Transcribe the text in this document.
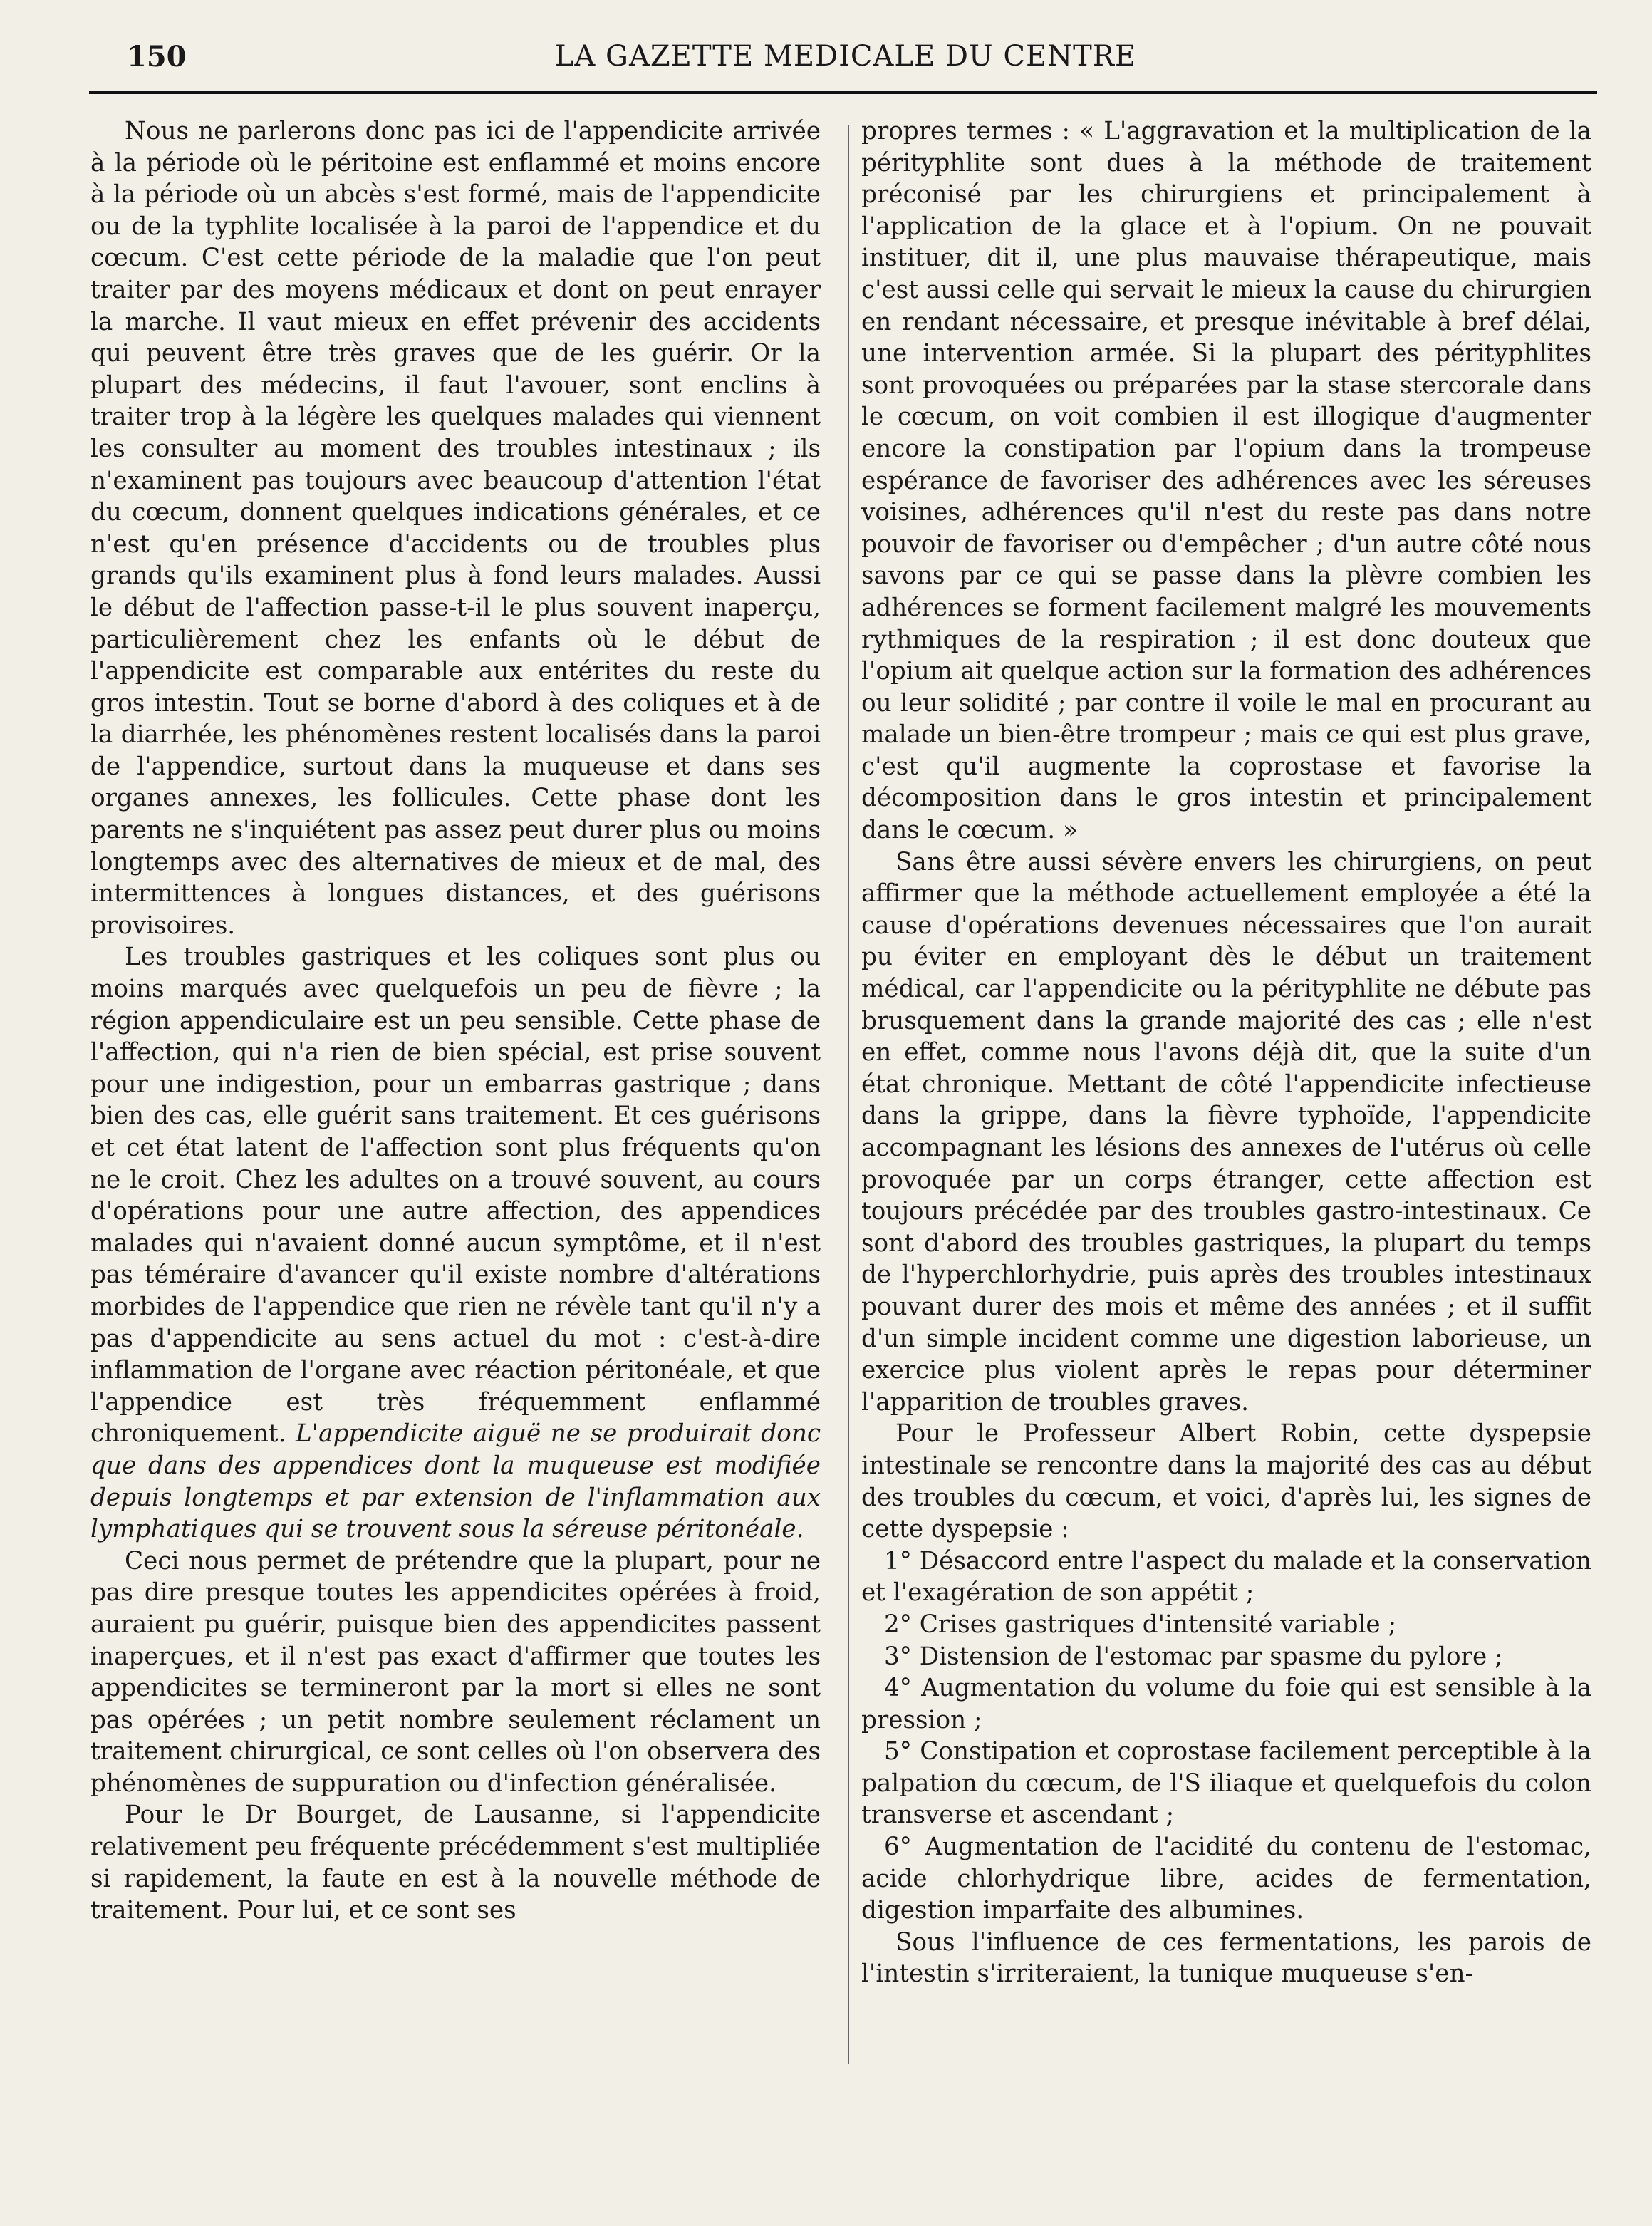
150	LA GAZETTE MEDICALE DU CENTRE

Nous ne parlerons donc pas ici de l'appendicite arrivée à la période où le péritoine est enflammé et moins encore à la période où un abcès s'est formé, mais de l'appendicite ou de la typhlite localisée à la paroi de l'appendice et du cœcum. C'est cette période de la maladie que l'on peut traiter par des moyens médicaux et dont on peut enrayer la marche. Il vaut mieux en effet prévenir des accidents qui peuvent être très graves que de les guérir. Or la plupart des médecins, il faut l'avouer, sont enclins à traiter trop à la légère les quelques malades qui viennent les consulter au moment des troubles intestinaux ; ils n'examinent pas toujours avec beaucoup d'attention l'état du cœcum, donnent quelques indications générales, et ce n'est qu'en présence d'accidents ou de troubles plus grands qu'ils examinent plus à fond leurs malades. Aussi le début de l'affection passe-t-il le plus souvent inaperçu, particulièrement chez les enfants où le début de l'appendicite est comparable aux entérites du reste du gros intestin. Tout se borne d'abord à des coliques et à de la diarrhée, les phénomènes restent localisés dans la paroi de l'appendice, surtout dans la muqueuse et dans ses organes annexes, les follicules. Cette phase dont les parents ne s'inquiétent pas assez peut durer plus ou moins longtemps avec des alternatives de mieux et de mal, des intermittences à longues distances, et des guérisons provisoires.

Les troubles gastriques et les coliques sont plus ou moins marqués avec quelquefois un peu de fièvre ; la région appendiculaire est un peu sensible. Cette phase de l'affection, qui n'a rien de bien spécial, est prise souvent pour une indigestion, pour un embarras gastrique ; dans bien des cas, elle guérit sans traitement. Et ces guérisons et cet état latent de l'affection sont plus fréquents qu'on ne le croit. Chez les adultes on a trouvé souvent, au cours d'opérations pour une autre affection, des appendices malades qui n'avaient donné aucun symptôme, et il n'est pas téméraire d'avancer qu'il existe nombre d'altérations morbides de l'appendice que rien ne révèle tant qu'il n'y a pas d'appendicite au sens actuel du mot : c'est-à-dire inflammation de l'organe avec réaction péritonéale, et que l'appendice est très fréquemment enflammé chroniquement. L'appendicite aiguë ne se produirait donc que dans des appendices dont la muqueuse est modifiée depuis longtemps et par extension de l'inflammation aux lymphatiques qui se trouvent sous la séreuse péritonéale.

Ceci nous permet de prétendre que la plupart, pour ne pas dire presque toutes les appendicites opérées à froid, auraient pu guérir, puisque bien des appendicites passent inaperçues, et il n'est pas exact d'affirmer que toutes les appendicites se termineront par la mort si elles ne sont pas opérées ; un petit nombre seulement réclament un traitement chirurgical, ce sont celles où l'on observera des phénomènes de suppuration ou d'infection généralisée.

Pour le Dr Bourget, de Lausanne, si l'appendicite relativement peu fréquente précédemment s'est multipliée si rapidement, la faute en est à la nouvelle méthode de traitement. Pour lui, et ce sont ses

propres termes : « L'aggravation et la multiplication de la pérityphlite sont dues à la méthode de traitement préconisé par les chirurgiens et principalement à l'application de la glace et à l'opium. On ne pouvait instituer, dit il, une plus mauvaise thérapeutique, mais c'est aussi celle qui servait le mieux la cause du chirurgien en rendant nécessaire, et presque inévitable à bref délai, une intervention armée. Si la plupart des pérityphlites sont provoquées ou préparées par la stase stercorale dans le cœcum, on voit combien il est illogique d'augmenter encore la constipation par l'opium dans la trompeuse espérance de favoriser des adhérences avec les séreuses voisines, adhérences qu'il n'est du reste pas dans notre pouvoir de favoriser ou d'empêcher ; d'un autre côté nous savons par ce qui se passe dans la plèvre combien les adhérences se forment facilement malgré les mouvements rythmiques de la respiration ; il est donc douteux que l'opium ait quelque action sur la formation des adhérences ou leur solidité ; par contre il voile le mal en procurant au malade un bien-être trompeur ; mais ce qui est plus grave, c'est qu'il augmente la coprostase et favorise la décomposition dans le gros intestin et principalement dans le cœcum. »

Sans être aussi sévère envers les chirurgiens, on peut affirmer que la méthode actuellement employée a été la cause d'opérations devenues nécessaires que l'on aurait pu éviter en employant dès le début un traitement médical, car l'appendicite ou la pérityphlite ne débute pas brusquement dans la grande majorité des cas ; elle n'est en effet, comme nous l'avons déjà dit, que la suite d'un état chronique. Mettant de côté l'appendicite infectieuse dans la grippe, dans la fièvre typhoïde, l'appendicite accompagnant les lésions des annexes de l'utérus où celle provoquée par un corps étranger, cette affection est toujours précédée par des troubles gastro-intestinaux. Ce sont d'abord des troubles gastriques, la plupart du temps de l'hyperchlorhydrie, puis après des troubles intestinaux pouvant durer des mois et même des années ; et il suffit d'un simple incident comme une digestion laborieuse, un exercice plus violent après le repas pour déterminer l'apparition de troubles graves.

Pour le Professeur Albert Robin, cette dyspepsie intestinale se rencontre dans la majorité des cas au début des troubles du cœcum, et voici, d'après lui, les signes de cette dyspepsie :

1° Désaccord entre l'aspect du malade et la conservation et l'exagération de son appétit ;

2° Crises gastriques d'intensité variable ;

3° Distension de l'estomac par spasme du pylore ;

4° Augmentation du volume du foie qui est sensible à la pression ;

5° Constipation et coprostase facilement perceptible à la palpation du cœcum, de l'S iliaque et quelquefois du colon transverse et ascendant ;

6° Augmentation de l'acidité du contenu de l'estomac, acide chlorhydrique libre, acides de fermentation, digestion imparfaite des albumines.

Sous l'influence de ces fermentations, les parois de l'intestin s'irriteraient, la tunique muqueuse s'en-
